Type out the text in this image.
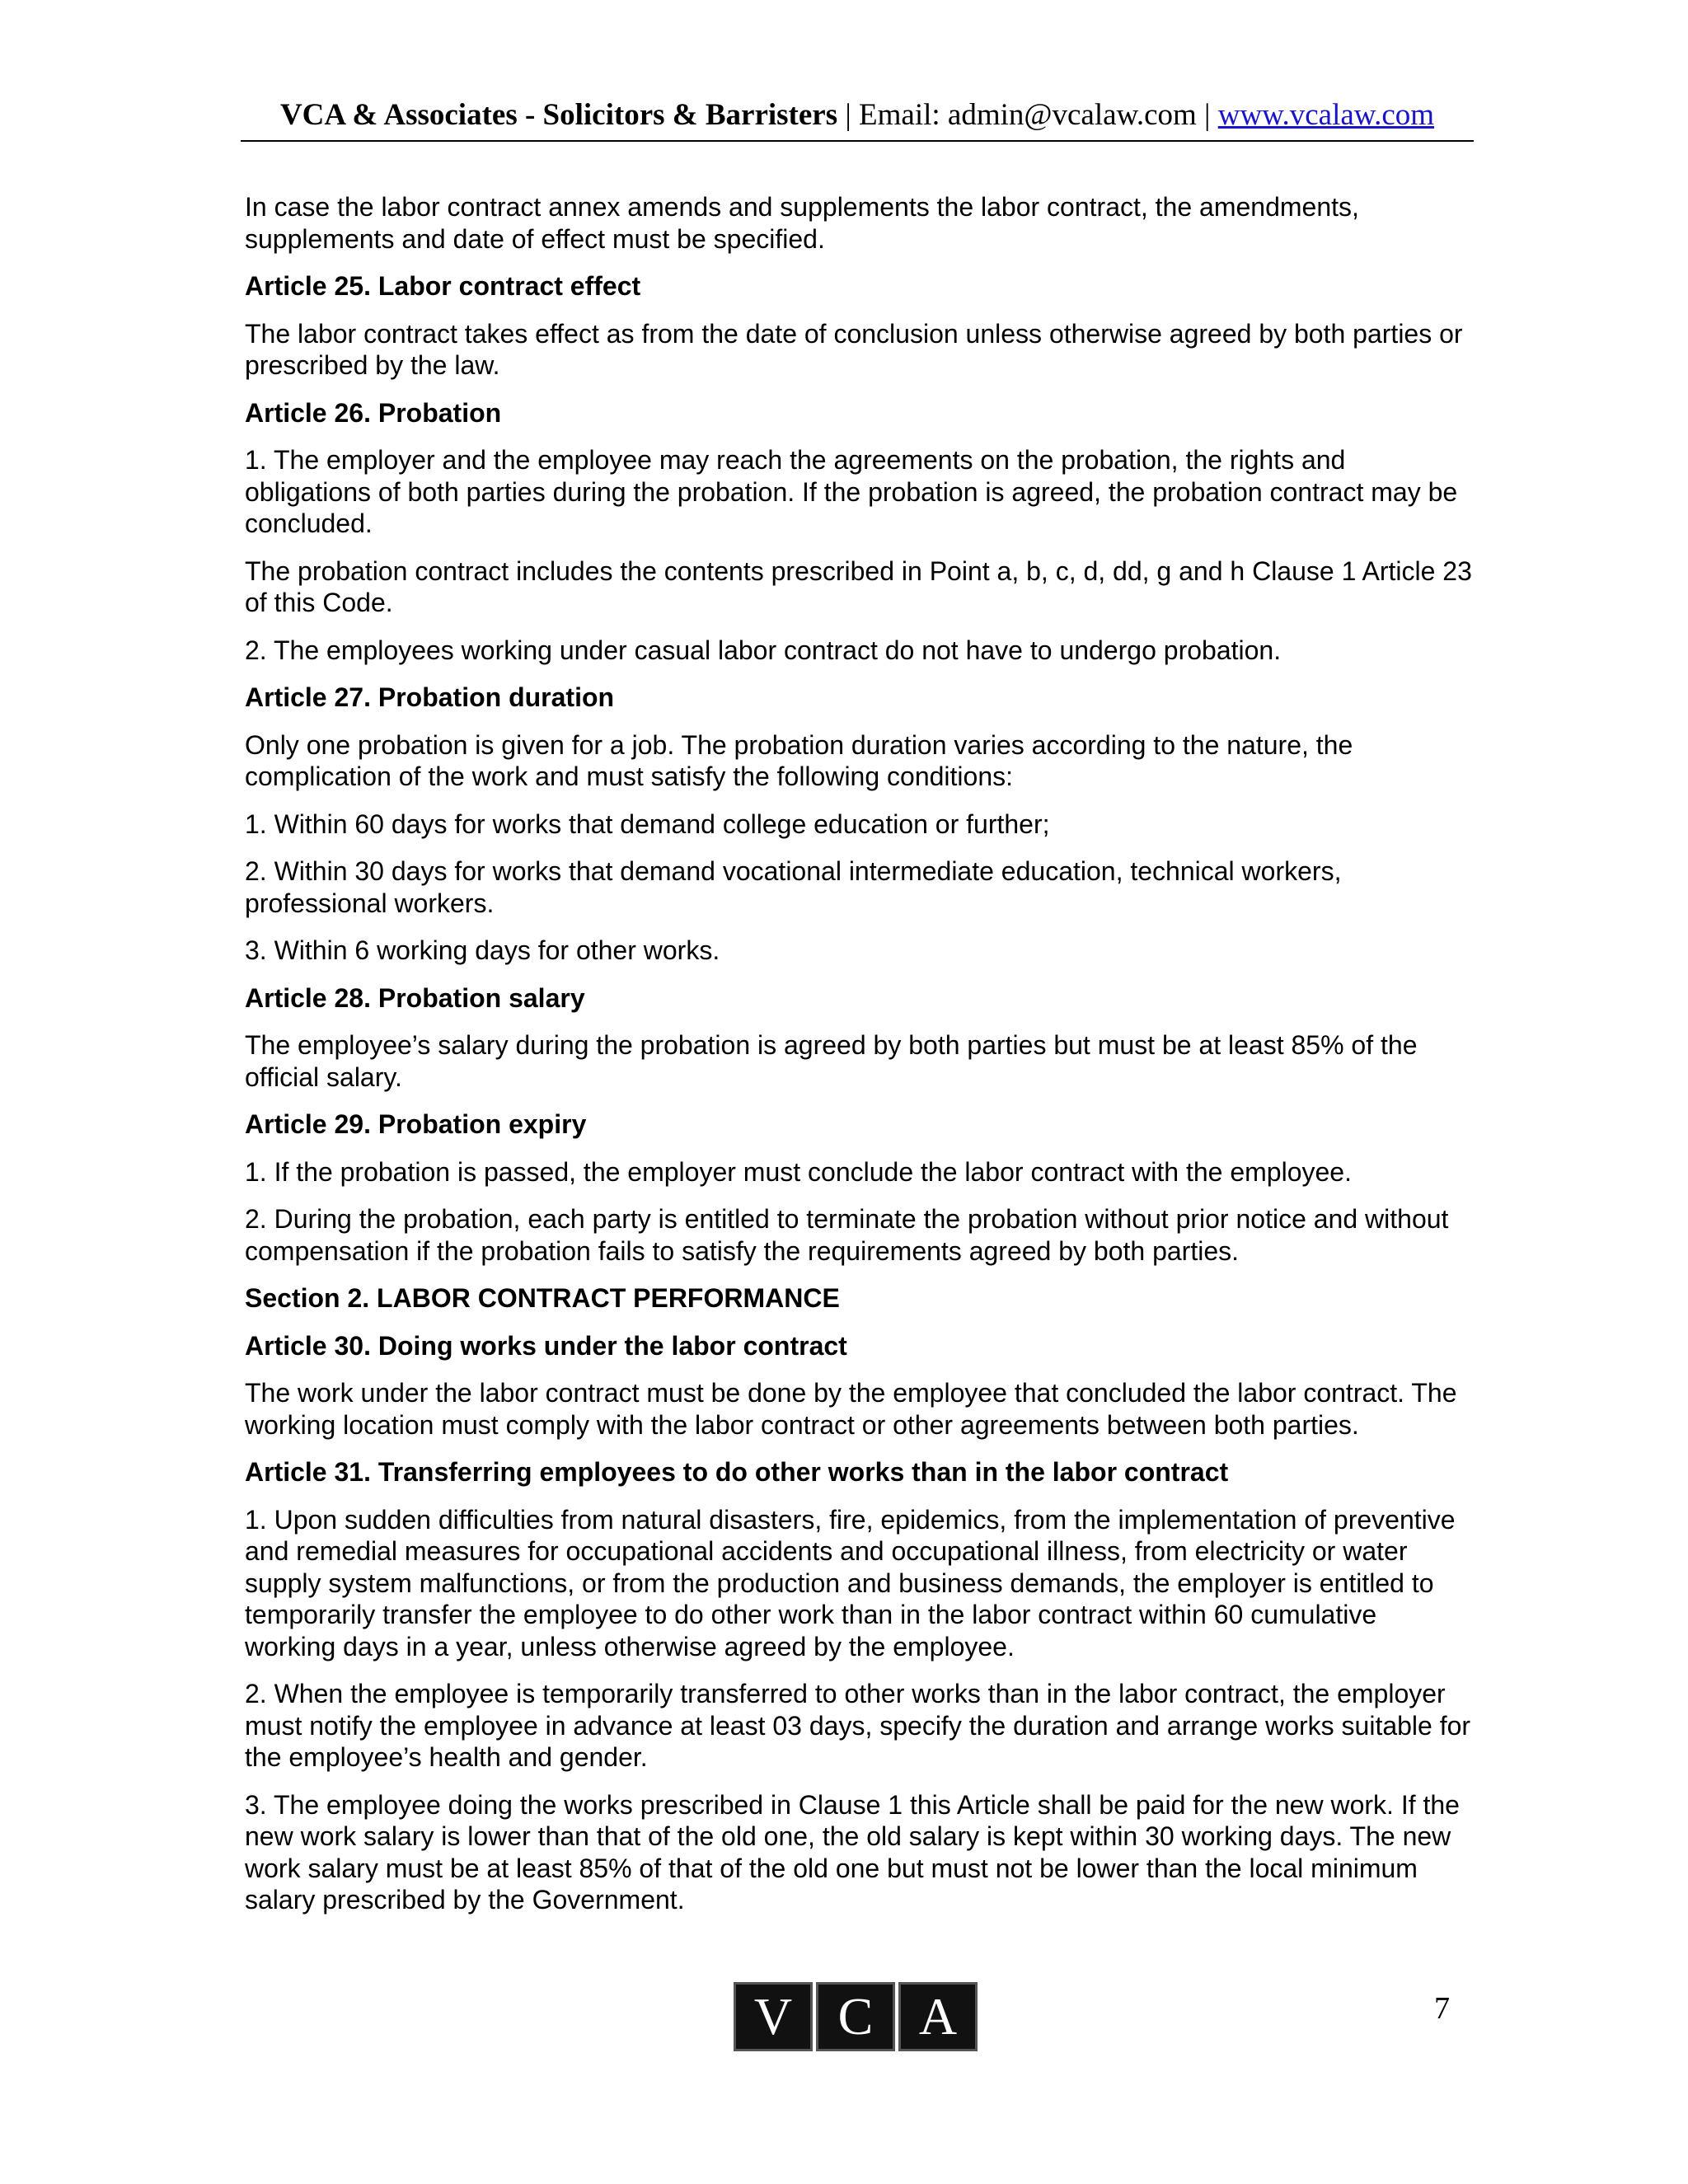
VCA & Associates - Solicitors & Barristers | Email: admin@vcalaw.com | www.vcalaw.com

In case the labor contract annex amends and supplements the labor contract, the amendments, supplements and date of effect must be specified.

Article 25. Labor contract effect

The labor contract takes effect as from the date of conclusion unless otherwise agreed by both parties or prescribed by the law.

Article 26. Probation

1. The employer and the employee may reach the agreements on the probation, the rights and obligations of both parties during the probation. If the probation is agreed, the probation contract may be concluded.

The probation contract includes the contents prescribed in Point a, b, c, d, dd, g and h Clause 1 Article 23 of this Code.

2. The employees working under casual labor contract do not have to undergo probation.

Article 27. Probation duration

Only one probation is given for a job. The probation duration varies according to the nature, the complication of the work and must satisfy the following conditions:

1. Within 60 days for works that demand college education or further;

2. Within 30 days for works that demand vocational intermediate education, technical workers, professional workers.

3. Within 6 working days for other works.

Article 28. Probation salary

The employee’s salary during the probation is agreed by both parties but must be at least 85% of the official salary.

Article 29. Probation expiry

1. If the probation is passed, the employer must conclude the labor contract with the employee.

2. During the probation, each party is entitled to terminate the probation without prior notice and without compensation if the probation fails to satisfy the requirements agreed by both parties.

Section 2. LABOR CONTRACT PERFORMANCE

Article 30. Doing works under the labor contract

The work under the labor contract must be done by the employee that concluded the labor contract. The working location must comply with the labor contract or other agreements between both parties.

Article 31. Transferring employees to do other works than in the labor contract

1. Upon sudden difficulties from natural disasters, fire, epidemics, from the implementation of preventive and remedial measures for occupational accidents and occupational illness, from electricity or water supply system malfunctions, or from the production and business demands, the employer is entitled to temporarily transfer the employee to do other work than in the labor contract within 60 cumulative working days in a year, unless otherwise agreed by the employee.

2. When the employee is temporarily transferred to other works than in the labor contract, the employer must notify the employee in advance at least 03 days, specify the duration and arrange works suitable for the employee’s health and gender.

3. The employee doing the works prescribed in Clause 1 this Article shall be paid for the new work. If the new work salary is lower than that of the old one, the old salary is kept within 30 working days. The new work salary must be at least 85% of that of the old one but must not be lower than the local minimum salary prescribed by the Government.

V C A	7
